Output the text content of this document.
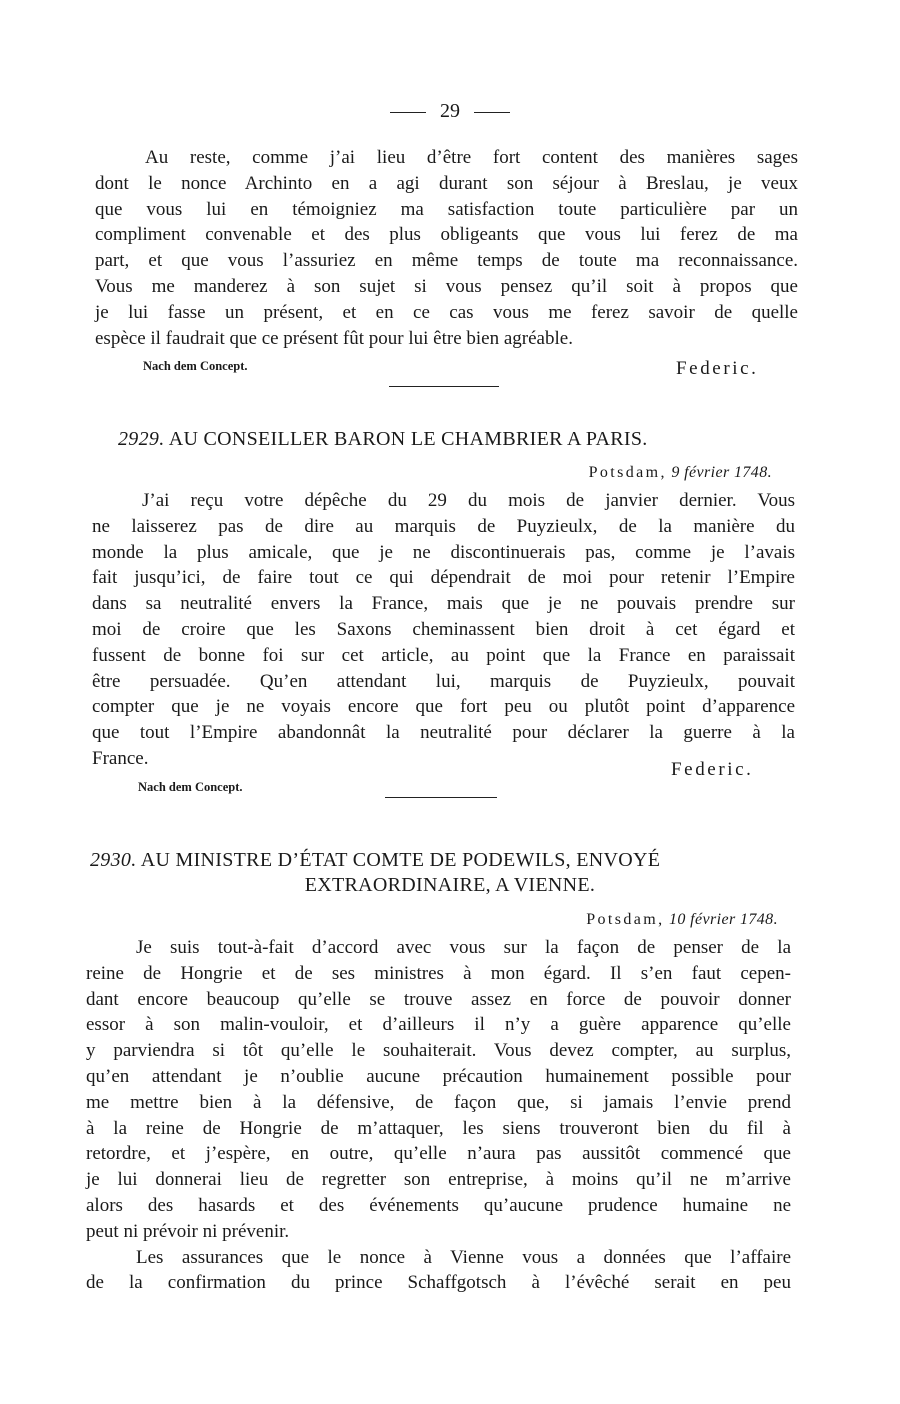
29
Au reste, comme j’ai lieu d’être fort content des manières sages
dont le nonce Archinto en a agi durant son séjour à Breslau, je veux
que vous lui en témoigniez ma satisfaction toute particulière par un
compliment convenable et des plus obligeants que vous lui ferez de ma
part, et que vous l’assuriez en même temps de toute ma reconnaissance.
Vous me manderez à son sujet si vous pensez qu’il soit à propos que
je lui fasse un présent, et en ce cas vous me ferez savoir de quelle
espèce il faudrait que ce présent fût pour lui être bien agréable.
Nach dem Concept.	Federic.
2929. AU CONSEILLER BARON LE CHAMBRIER A PARIS.
Potsdam, 9 février 1748.
J’ai reçu votre dépêche du 29 du mois de janvier dernier. Vous
ne laisserez pas de dire au marquis de Puyzieulx, de la manière du
monde la plus amicale, que je ne discontinuerais pas, comme je l’avais
fait jusqu’ici, de faire tout ce qui dépendrait de moi pour retenir l’Empire
dans sa neutralité envers la France, mais que je ne pouvais prendre sur
moi de croire que les Saxons cheminassent bien droit à cet égard et
fussent de bonne foi sur cet article, au point que la France en paraissait
être persuadée. Qu’en attendant lui, marquis de Puyzieulx, pouvait
compter que je ne voyais encore que fort peu ou plutôt point d’apparence
que tout l’Empire abandonnât la neutralité pour déclarer la guerre à la
France.
Nach dem Concept.
Federic.
2930. AU MINISTRE D’ÉTAT COMTE DE PODEWILS, ENVOYÉ
EXTRAORDINAIRE, A VIENNE.
Potsdam, 10 février 1748.
Je suis tout-à-fait d’accord avec vous sur la façon de penser de la
reine de Hongrie et de ses ministres à mon égard. Il s’en faut cepen-
dant encore beaucoup qu’elle se trouve assez en force de pouvoir donner
essor à son malin-vouloir, et d’ailleurs il n’y a guère apparence qu’elle
y parviendra si tôt qu’elle le souhaiterait. Vous devez compter, au surplus,
qu’en attendant je n’oublie aucune précaution humainement possible pour
me mettre bien à la défensive, de façon que, si jamais l’envie prend
à la reine de Hongrie de m’attaquer, les siens trouveront bien du fil à
retordre, et j’espère, en outre, qu’elle n’aura pas aussitôt commencé que
je lui donnerai lieu de regretter son entreprise, à moins qu’il ne m’arrive
alors des hasards et des événements qu’aucune prudence humaine ne
peut ni prévoir ni prévenir.
Les assurances que le nonce à Vienne vous a données que l’affaire
de la confirmation du prince Schaffgotsch à l’évêché serait en peu
